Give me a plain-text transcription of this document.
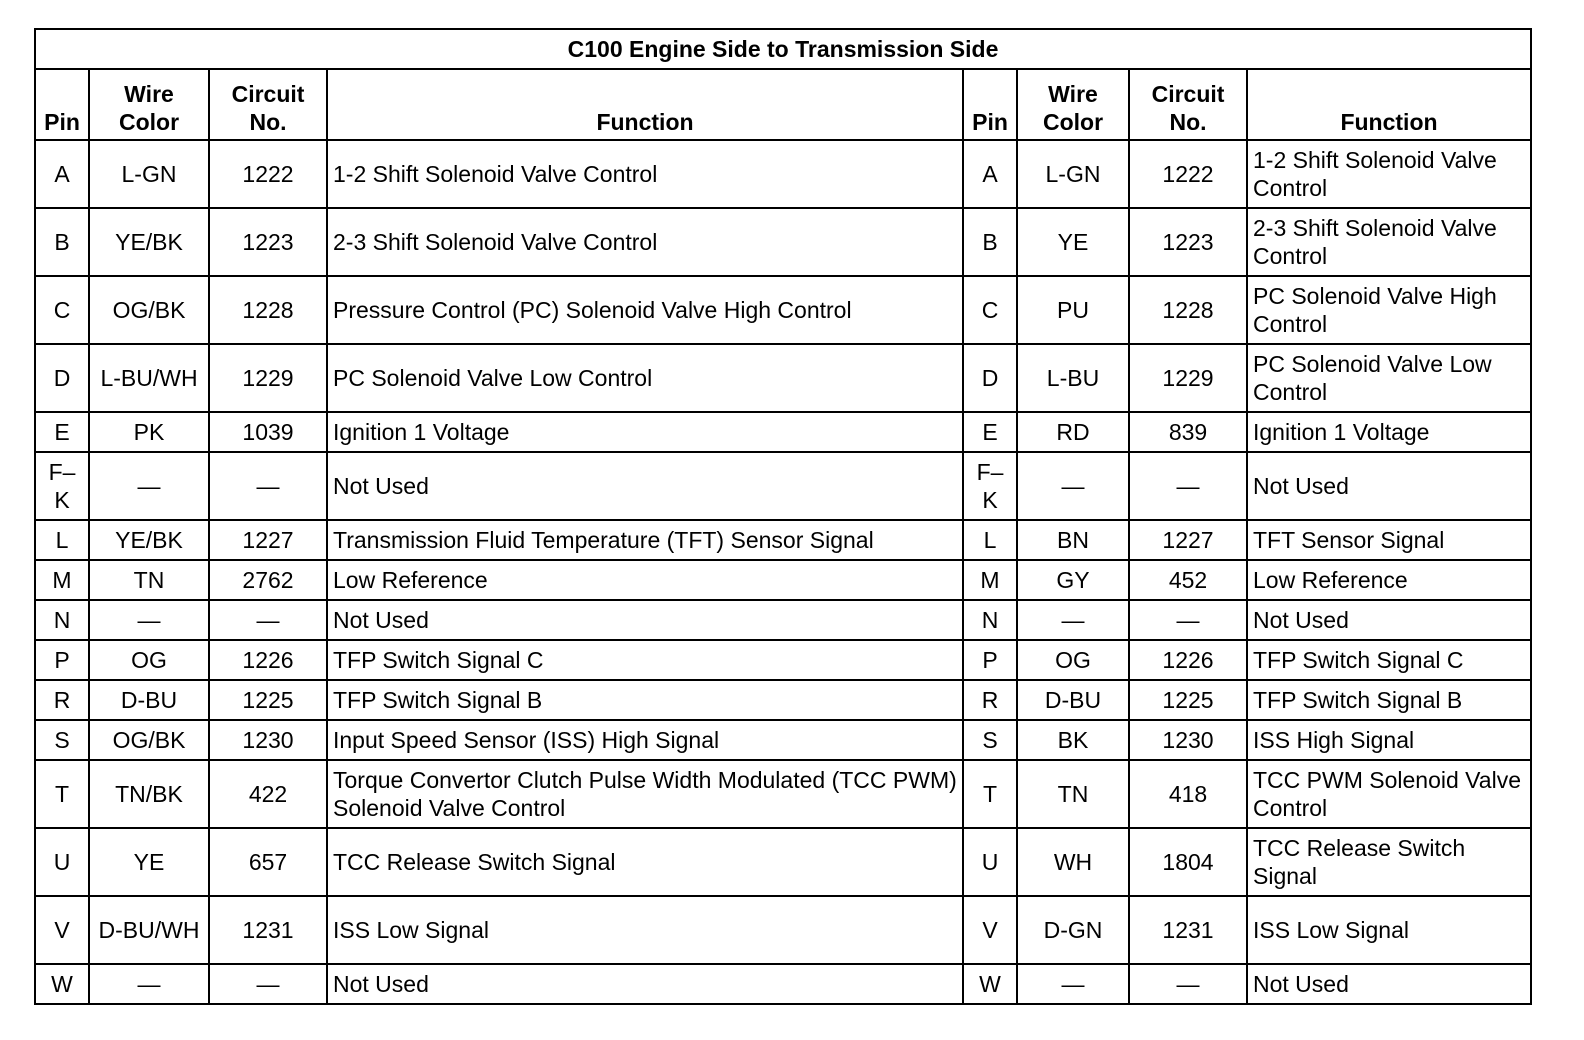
C100 Engine Side to Transmission Side							
Pin	Wire Color	Circuit No.	Function	Pin	Wire Color	Circuit No.	Function
A	L-GN	1222	1-2 Shift Solenoid Valve Control	A	L-GN	1222	1-2 Shift Solenoid Valve Control
B	YE/BK	1223	2-3 Shift Solenoid Valve Control	B	YE	1223	2-3 Shift Solenoid Valve Control
C	OG/BK	1228	Pressure Control (PC) Solenoid Valve High Control	C	PU	1228	PC Solenoid Valve High Control
D	L-BU/WH	1229	PC Solenoid Valve Low Control	D	L-BU	1229	PC Solenoid Valve Low Control
E	PK	1039	Ignition 1 Voltage	E	RD	839	Ignition 1 Voltage
F–K	—	—	Not Used	F–K	—	—	Not Used
L	YE/BK	1227	Transmission Fluid Temperature (TFT) Sensor Signal	L	BN	1227	TFT Sensor Signal
M	TN	2762	Low Reference	M	GY	452	Low Reference
N	—	—	Not Used	N	—	—	Not Used
P	OG	1226	TFP Switch Signal C	P	OG	1226	TFP Switch Signal C
R	D-BU	1225	TFP Switch Signal B	R	D-BU	1225	TFP Switch Signal B
S	OG/BK	1230	Input Speed Sensor (ISS) High Signal	S	BK	1230	ISS High Signal
T	TN/BK	422	Torque Convertor Clutch Pulse Width Modulated (TCC PWM) Solenoid Valve Control	T	TN	418	TCC PWM Solenoid Valve Control
U	YE	657	TCC Release Switch Signal	U	WH	1804	TCC Release Switch Signal
V	D-BU/WH	1231	ISS Low Signal	V	D-GN	1231	ISS Low Signal
W	—	—	Not Used	W	—	—	Not Used
